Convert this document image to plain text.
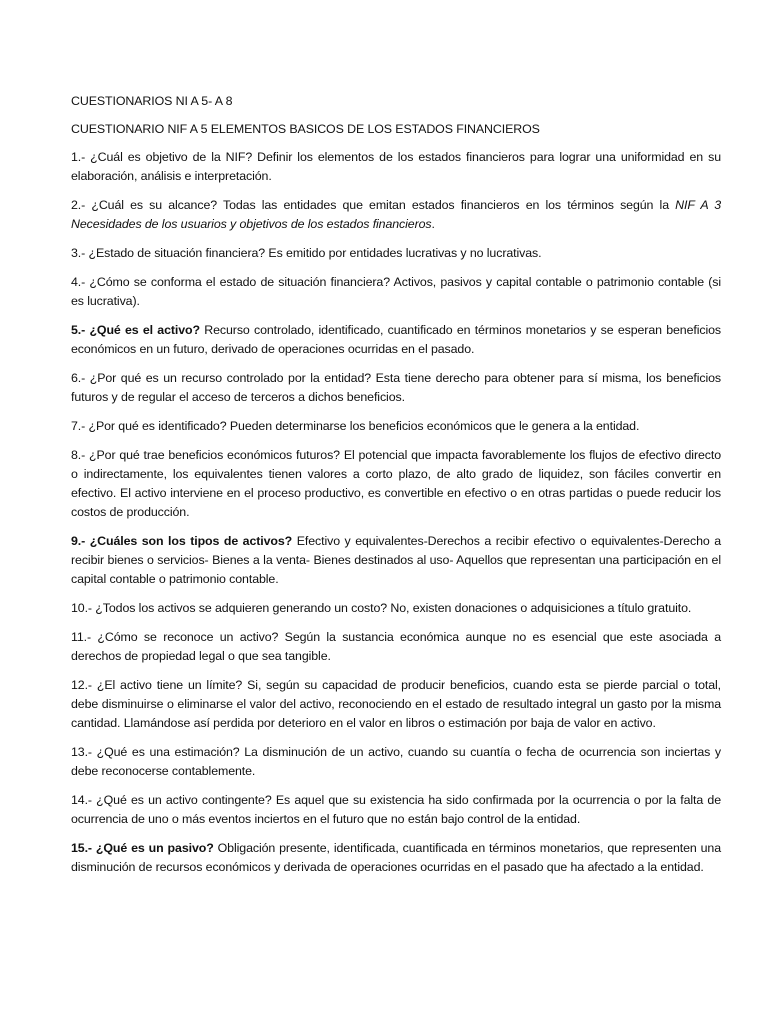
CUESTIONARIOS NI A 5- A 8

CUESTIONARIO NIF A 5 ELEMENTOS BASICOS DE LOS ESTADOS FINANCIEROS

1.- ¿Cuál es objetivo de la NIF? Definir los elementos de los estados financieros para lograr una uniformidad en su elaboración, análisis e interpretación.

2.- ¿Cuál es su alcance? Todas las entidades que emitan estados financieros en los términos según la NIF A 3 Necesidades de los usuarios y objetivos de los estados financieros.

3.- ¿Estado de situación financiera? Es emitido por entidades lucrativas y no lucrativas.

4.- ¿Cómo se conforma el estado de situación financiera? Activos, pasivos y capital contable o patrimonio contable (si es lucrativa).

5.- ¿Qué es el activo? Recurso controlado, identificado, cuantificado en términos monetarios y se esperan beneficios económicos en un futuro, derivado de operaciones ocurridas en el pasado.

6.- ¿Por qué es un recurso controlado por la entidad? Esta tiene derecho para obtener para sí misma, los beneficios futuros y de regular el acceso de terceros a dichos beneficios.

7.- ¿Por qué es identificado? Pueden determinarse los beneficios económicos que le genera a la entidad.

8.- ¿Por qué trae beneficios económicos futuros? El potencial que impacta favorablemente los flujos de efectivo directo o indirectamente, los equivalentes tienen valores a corto plazo, de alto grado de liquidez, son fáciles convertir en efectivo. El activo interviene en el proceso productivo, es convertible en efectivo o en otras partidas o puede reducir los costos de producción.

9.- ¿Cuáles son los tipos de activos? Efectivo y equivalentes-Derechos a recibir efectivo o equivalentes-Derecho a recibir bienes o servicios- Bienes a la venta- Bienes destinados al uso- Aquellos que representan una participación en el capital contable o patrimonio contable.

10.- ¿Todos los activos se adquieren generando un costo? No, existen donaciones o adquisiciones a título gratuito.

11.- ¿Cómo se reconoce un activo? Según la sustancia económica aunque no es esencial que este asociada a derechos de propiedad legal o que sea tangible.

12.- ¿El activo tiene un límite? Si, según su capacidad de producir beneficios, cuando esta se pierde parcial o total, debe disminuirse o eliminarse el valor del activo, reconociendo en el estado de resultado integral un gasto por la misma cantidad. Llamándose así perdida por deterioro en el valor en libros o estimación por baja de valor en activo.

13.- ¿Qué es una estimación? La disminución de un activo, cuando su cuantía o fecha de ocurrencia son inciertas y debe reconocerse contablemente.

14.- ¿Qué es un activo contingente? Es aquel que su existencia ha sido confirmada por la ocurrencia o por la falta de ocurrencia de uno o más eventos inciertos en el futuro que no están bajo control de la entidad.

15.- ¿Qué es un pasivo? Obligación presente, identificada, cuantificada en términos monetarios, que representen una disminución de recursos económicos y derivada de operaciones ocurridas en el pasado que ha afectado a la entidad.
